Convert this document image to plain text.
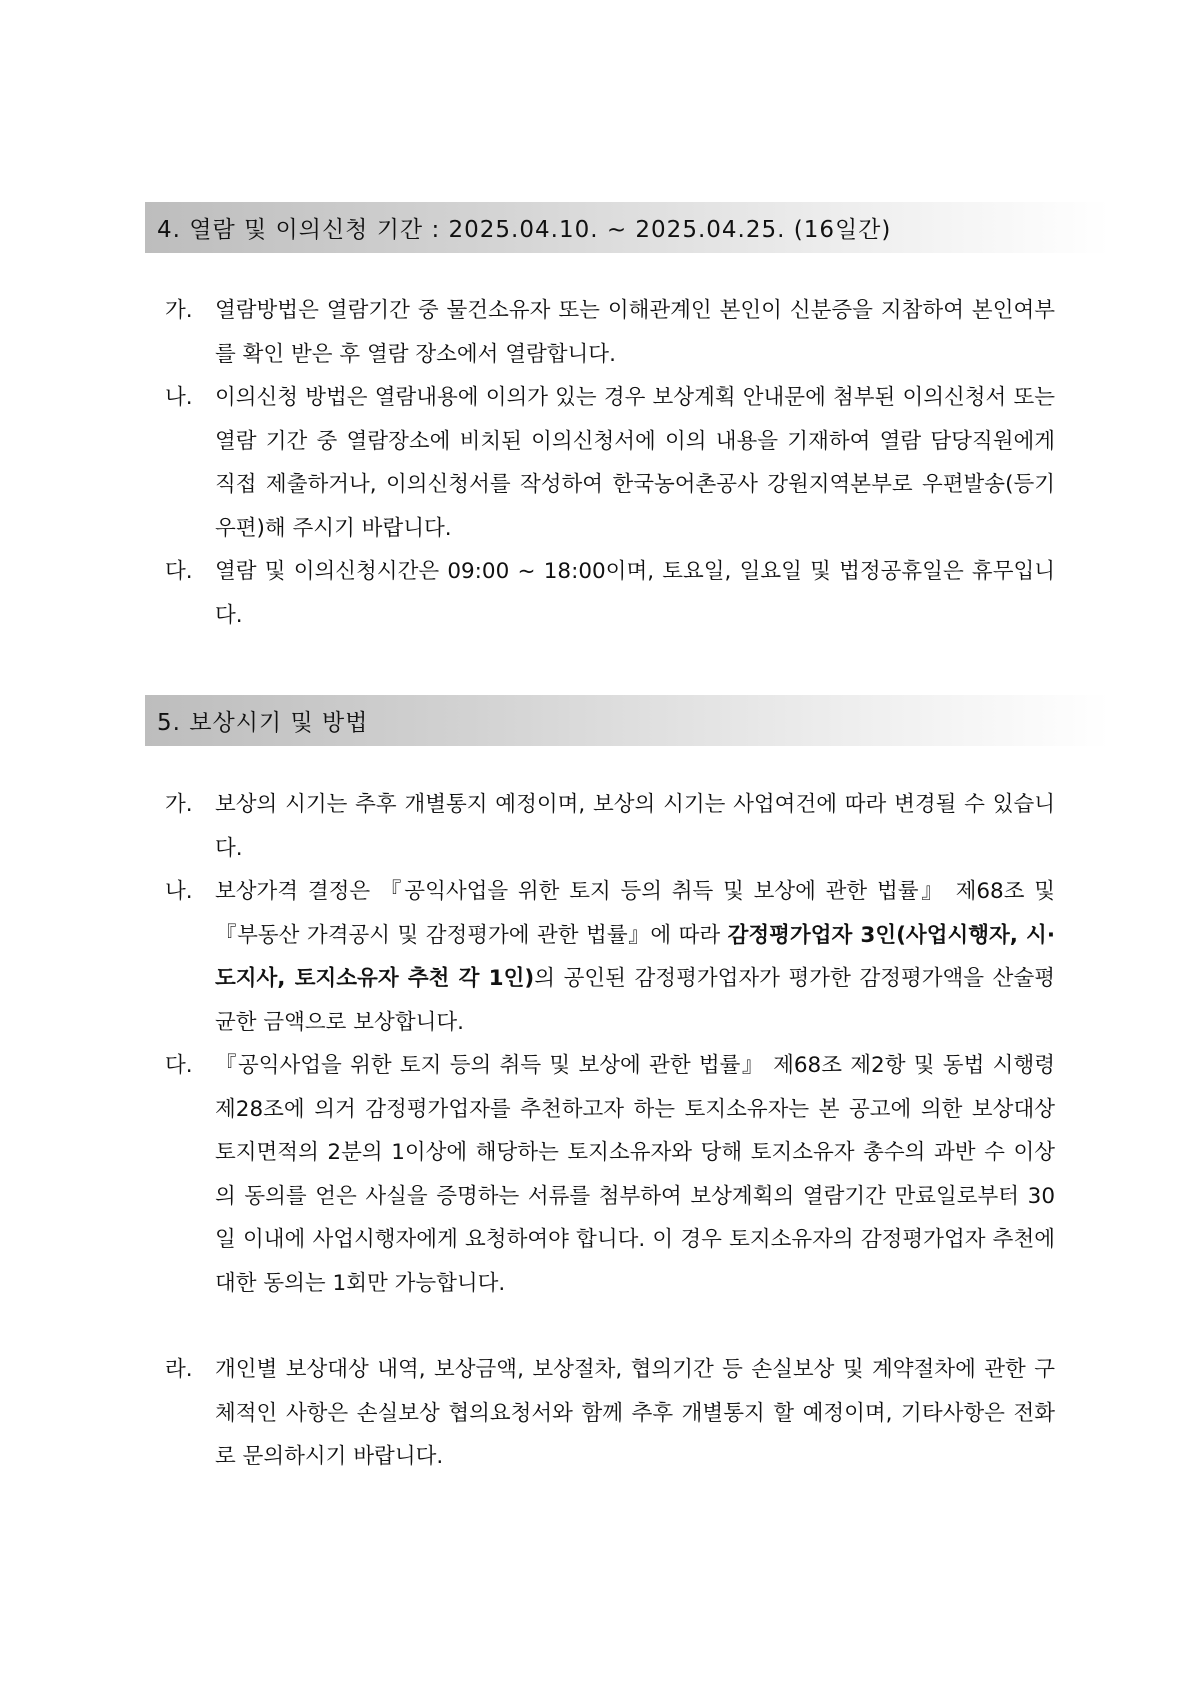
4. 열람 및 이의신청 기간 : 2025.04.10. ~ 2025.04.25. (16일간)
가. 열람방법은 열람기간 중 물건소유자 또는 이해관계인 본인이 신분증을 지참하여 본인여부를 확인 받은 후 열람 장소에서 열람합니다.
나. 이의신청 방법은 열람내용에 이의가 있는 경우 보상계획 안내문에 첨부된 이의신청서 또는 열람 기간 중 열람장소에 비치된 이의신청서에 이의 내용을 기재하여 열람 담당직원에게 직접 제출하거나, 이의신청서를 작성하여 한국농어촌공사 강원지역본부로 우편발송(등기우편)해 주시기 바랍니다.
다. 열람 및 이의신청시간은 09:00 ~ 18:00이며, 토요일, 일요일 및 법정공휴일은 휴무입니다.
5. 보상시기 및 방법
가. 보상의 시기는 추후 개별통지 예정이며, 보상의 시기는 사업여건에 따라 변경될 수 있습니다.
나. 보상가격 결정은 『공익사업을 위한 토지 등의 취득 및 보상에 관한 법률』 제68조 및 『부동산 가격공시 및 감정평가에 관한 법률』에 따라 감정평가업자 3인(사업시행자, 시·도지사, 토지소유자 추천 각 1인)의 공인된 감정평가업자가 평가한 감정평가액을 산술평균한 금액으로 보상합니다.
다. 『공익사업을 위한 토지 등의 취득 및 보상에 관한 법률』 제68조 제2항 및 동법 시행령 제28조에 의거 감정평가업자를 추천하고자 하는 토지소유자는 본 공고에 의한 보상대상 토지면적의 2분의 1이상에 해당하는 토지소유자와 당해 토지소유자 총수의 과반 수 이상의 동의를 얻은 사실을 증명하는 서류를 첨부하여 보상계획의 열람기간 만료일로부터 30일 이내에 사업시행자에게 요청하여야 합니다. 이 경우 토지소유자의 감정평가업자 추천에 대한 동의는 1회만 가능합니다.
라. 개인별 보상대상 내역, 보상금액, 보상절차, 협의기간 등 손실보상 및 계약절차에 관한 구체적인 사항은 손실보상 협의요청서와 함께 추후 개별통지 할 예정이며, 기타사항은 전화로 문의하시기 바랍니다.
